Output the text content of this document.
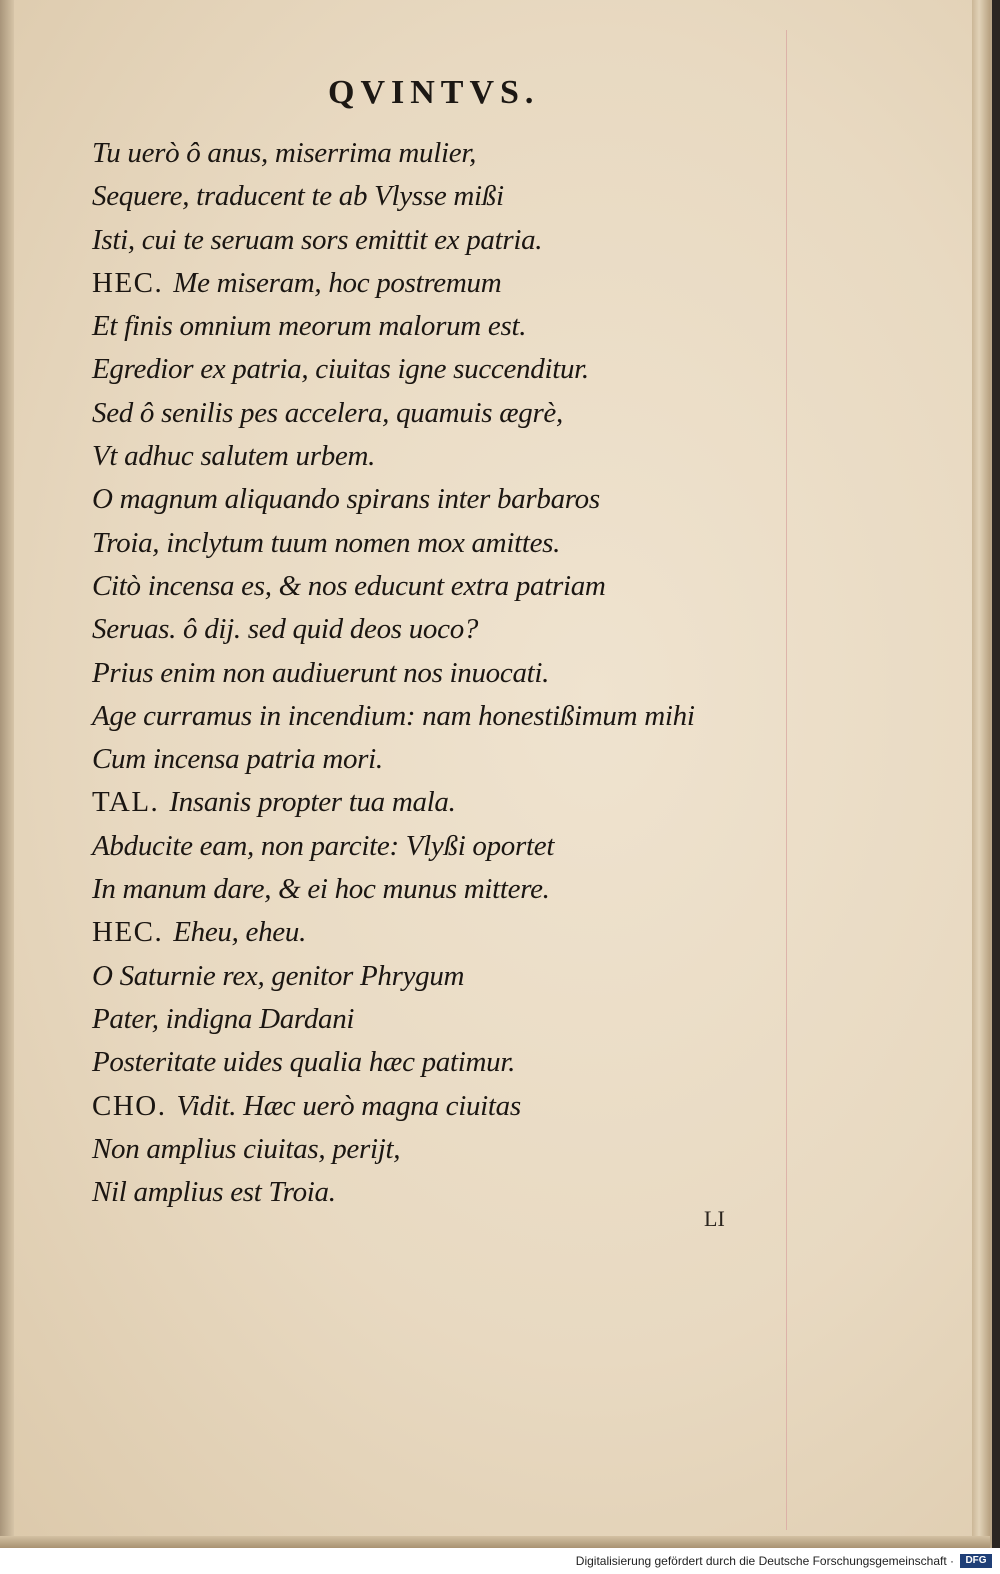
QVINTVS.
Tu uerò ô anus, miserrima mulier,
Sequere, traducent te ab Vlysse mißi
Isti, cui te seruam sors emittit ex patria.
HEC. Me miseram, hoc postremum
Et finis omnium meorum malorum est.
Egredior ex patria, ciuitas igne succenditur.
Sed ô senilis pes accelera, quamuis ægrè,
Vt adhuc salutem urbem.
O magnum aliquando spirans inter barbaros
Troia, inclytum tuum nomen mox amittes.
Citò incensa es, & nos educunt extra patriam
Seruas. ô dij. sed quid deos uoco?
Prius enim non audiuerunt nos inuocati.
Age curramus in incendium: nam honestißimum mihi
Cum incensa patria mori.
TAL. Insanis propter tua mala.
Abducite eam, non parcite: Vlyßi oportet
In manum dare, & ei hoc munus mittere.
HEC. Eheu, eheu.
O Saturnie rex, genitor Phrygum
Pater, indigna Dardani
Posteritate uides qualia hæc patimur.
CHO. Vidit. Hæc uerò magna ciuitas
Non amplius ciuitas, perijt,
Nil amplius est Troia.
LI
Digitalisierung gefördert durch die Deutsche Forschungsgemeinschaft ·	DFG
